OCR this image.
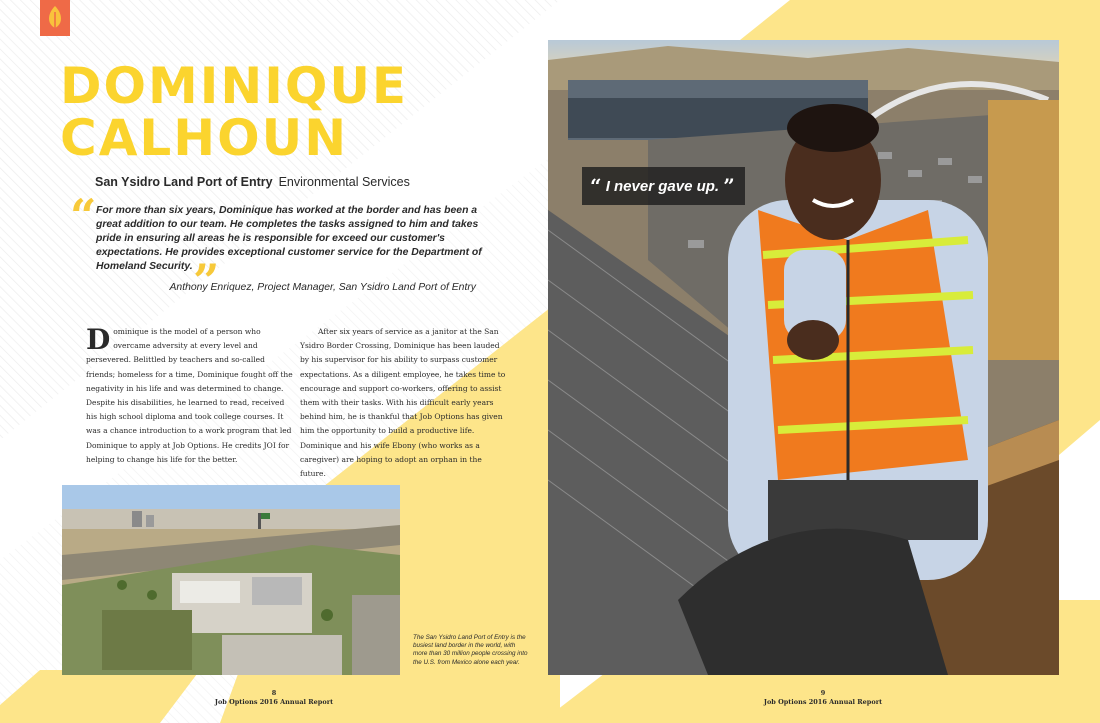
DOMINIQUE
CALHOUN
San Ysidro Land Port of Entry Environmental Services
“ For more than six years, Dominique has worked at the border and has been a great addition to our team. He completes the tasks assigned to him and takes pride in ensuring all areas he is responsible for exceed our customer's expectations. He provides exceptional customer service for the Department of Homeland Security. ”
Anthony Enriquez, Project Manager, San Ysidro Land Port of Entry

Dominique is the model of a person who overcame adversity at every level and persevered. Belittled by teachers and so-called friends; homeless for a time, Dominique fought off the negativity in his life and was determined to change. Despite his disabilities, he learned to read, received his high school diploma and took college courses. It was a chance introduction to a work program that led Dominique to apply at Job Options. He credits JOI for helping to change his life for the better.

After six years of service as a janitor at the San Ysidro Border Crossing, Dominique has been lauded by his supervisor for his ability to surpass customer expectations. As a diligent employee, he takes time to encourage and support co-workers, offering to assist them with their tasks. With his difficult early years behind him, he is thankful that Job Options has given him the opportunity to build a productive life. Dominique and his wife Ebony (who works as a caregiver) are hoping to adopt an orphan in the future.

The San Ysidro Land Port of Entry is the busiest land border in the world, with more than 30 million people crossing into the U.S. from Mexico alone each year.

“ I never gave up. ”
8
Job Options 2016 Annual Report
9
Job Options 2016 Annual Report
